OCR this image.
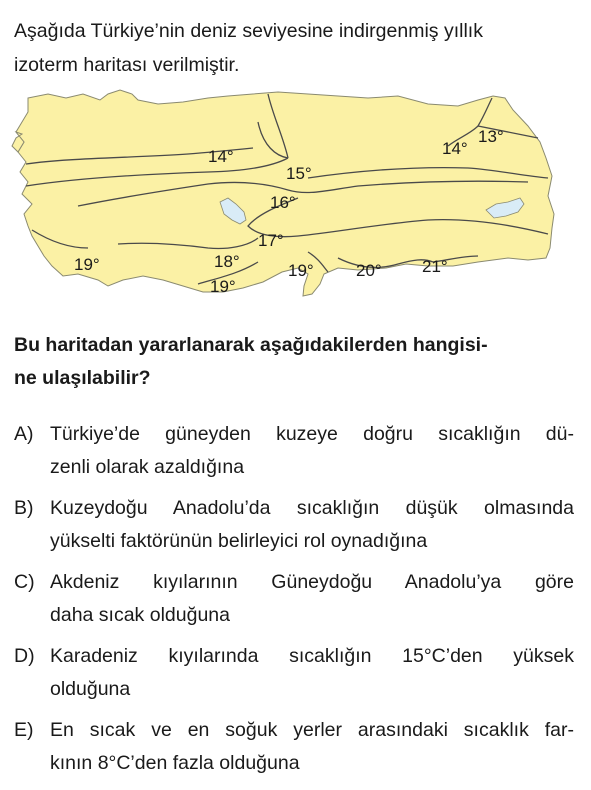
Aşağıda Türkiye’nin deniz seviyesine indirgenmiş yıllık
izoterm haritası verilmiştir.
14°
15°
16°
17°
18°
19°
19°
19° 20° 21°
14°
13°
Bu haritadan yararlanarak aşağıdakilerden hangisi-
ne ulaşılabilir?
A) Türkiye’de güneyden kuzeye doğru sıcaklığın dü-
zenli olarak azaldığına
B) Kuzeydoğu Anadolu’da sıcaklığın düşük olmasında
yükselti faktörünün belirleyici rol oynadığına
C) Akdeniz kıyılarının Güneydoğu Anadolu’ya göre
daha sıcak olduğuna
D) Karadeniz kıyılarında sıcaklığın 15°C’den yüksek
olduğuna
E) En sıcak ve en soğuk yerler arasındaki sıcaklık far-
kının 8°C’den fazla olduğuna
